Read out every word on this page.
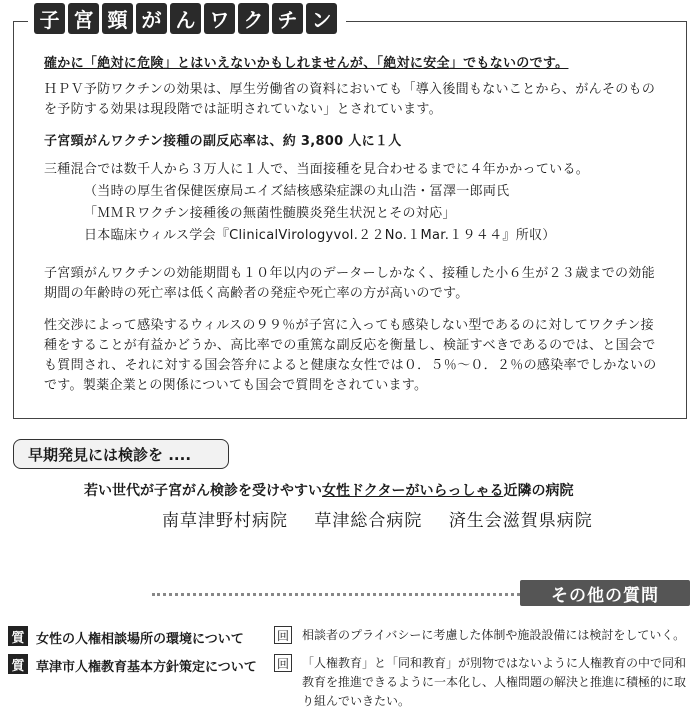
子 宮 頸 が ん ワ ク チ ン
確かに「絶対に危険」とはいえないかもしれませんが、「絶対に安全」でもないのです。
ＨＰＶ予防ワクチンの効果は、厚生労働省の資料においても「導入後間もないことから、がんそのものを予防する効果は現段階では証明されていない」とされています。
子宮頸がんワクチン接種の副反応率は、約 3,800 人に１人
三種混合では数千人から３万人に１人で、当面接種を見合わせるまでに４年かかっている。
（当時の厚生省保健医療局エイズ結核感染症課の丸山浩・冨澤一郎両氏
「ＭＭＲワクチン接種後の無菌性髄膜炎発生状況とその対応」
日本臨床ウィルス学会『ClinicalVirologyvol.２２No.１Mar.１９４４』所収）
子宮頸がんワクチンの効能期間も１０年以内のデーターしかなく、接種した小６生が２３歳までの効能期間の年齢時の死亡率は低く高齢者の発症や死亡率の方が高いのです。
性交渉によって感染するウィルスの９９％が子宮に入っても感染しない型であるのに対してワクチン接種をすることが有益かどうか、高比率での重篤な副反応を衡量し、検証すべきであるのでは、と国会でも質問され、それに対する国会答弁によると健康な女性では０．５％〜０．２％の感染率でしかないのです。製薬企業との関係についても国会で質問をされています。
早期発見には検診を ....
若い世代が子宮がん検診を受けやすい女性ドクターがいらっしゃる近隣の病院
南草津野村病院 草津総合病院 済生会滋賀県病院
その他の質問
質 女性の人権相談場所の環境について	回 相談者のプライバシーに考慮した体制や施設設備には検討をしていく。
質 草津市人権教育基本方針策定について 回 「人権教育」と「同和教育」が別物ではないように人権教育の中で同和教育を推進できるように一本化し、人権問題の解決と推進に積極的に取り組んでいきたい。
